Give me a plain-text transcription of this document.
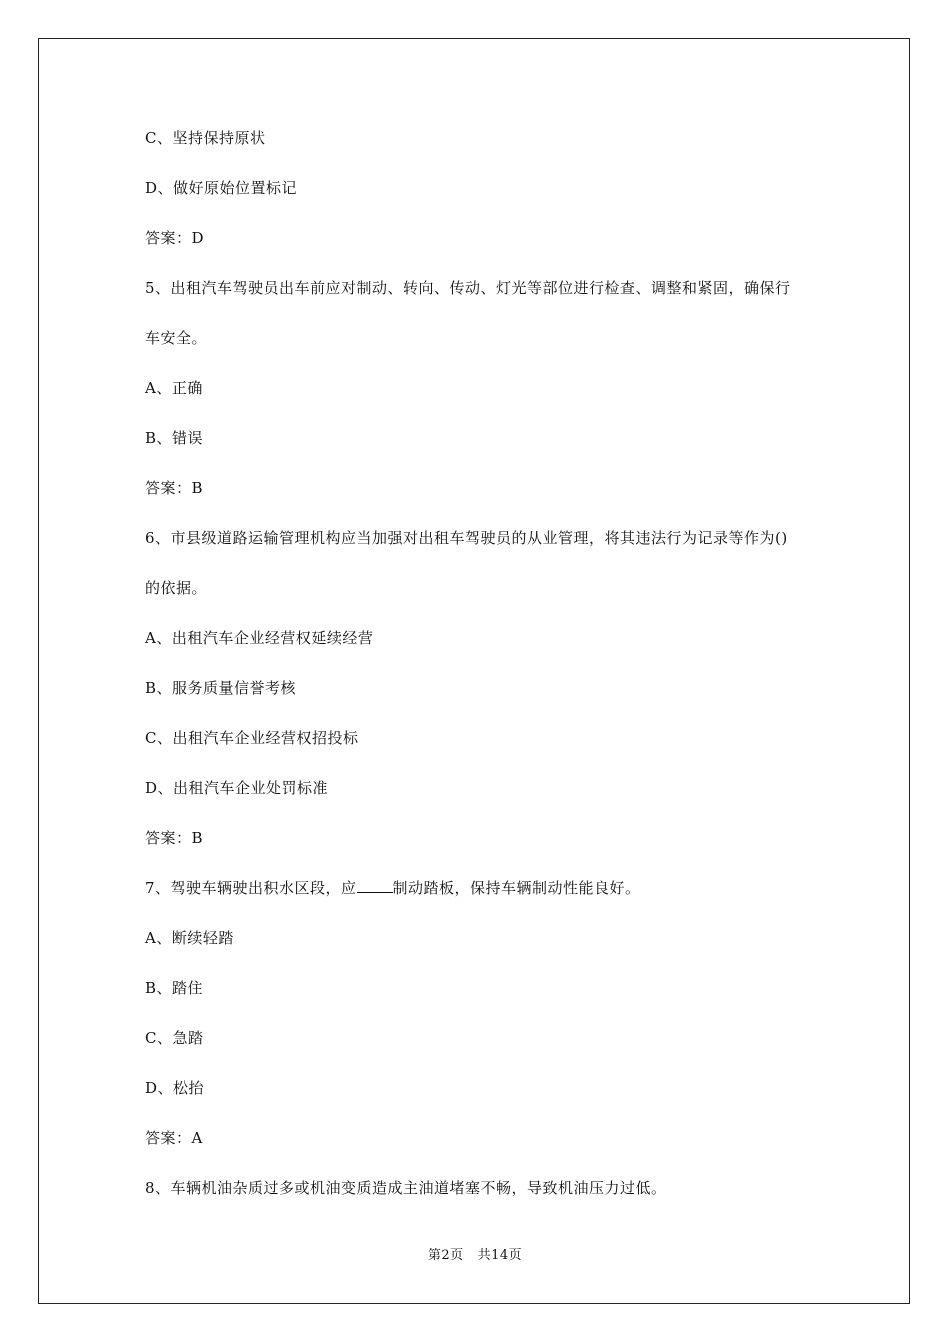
C、坚持保持原状
D、做好原始位置标记
答案：D
5、出租汽车驾驶员出车前应对制动、转向、传动、灯光等部位进行检查、调整和紧固，确保行
车安全。
A、正确
B、错误
答案：B
6、市县级道路运输管理机构应当加强对出租车驾驶员的从业管理，将其违法行为记录等作为()
的依据。
A、出租汽车企业经营权延续经营
B、服务质量信誉考核
C、出租汽车企业经营权招投标
D、出租汽车企业处罚标准
答案：B
7、驾驶车辆驶出积水区段，应 制动踏板，保持车辆制动性能良好。
A、断续轻踏
B、踏住
C、急踏
D、松抬
答案：A
8、车辆机油杂质过多或机油变质造成主油道堵塞不畅，导致机油压力过低。
第2页 共14页
